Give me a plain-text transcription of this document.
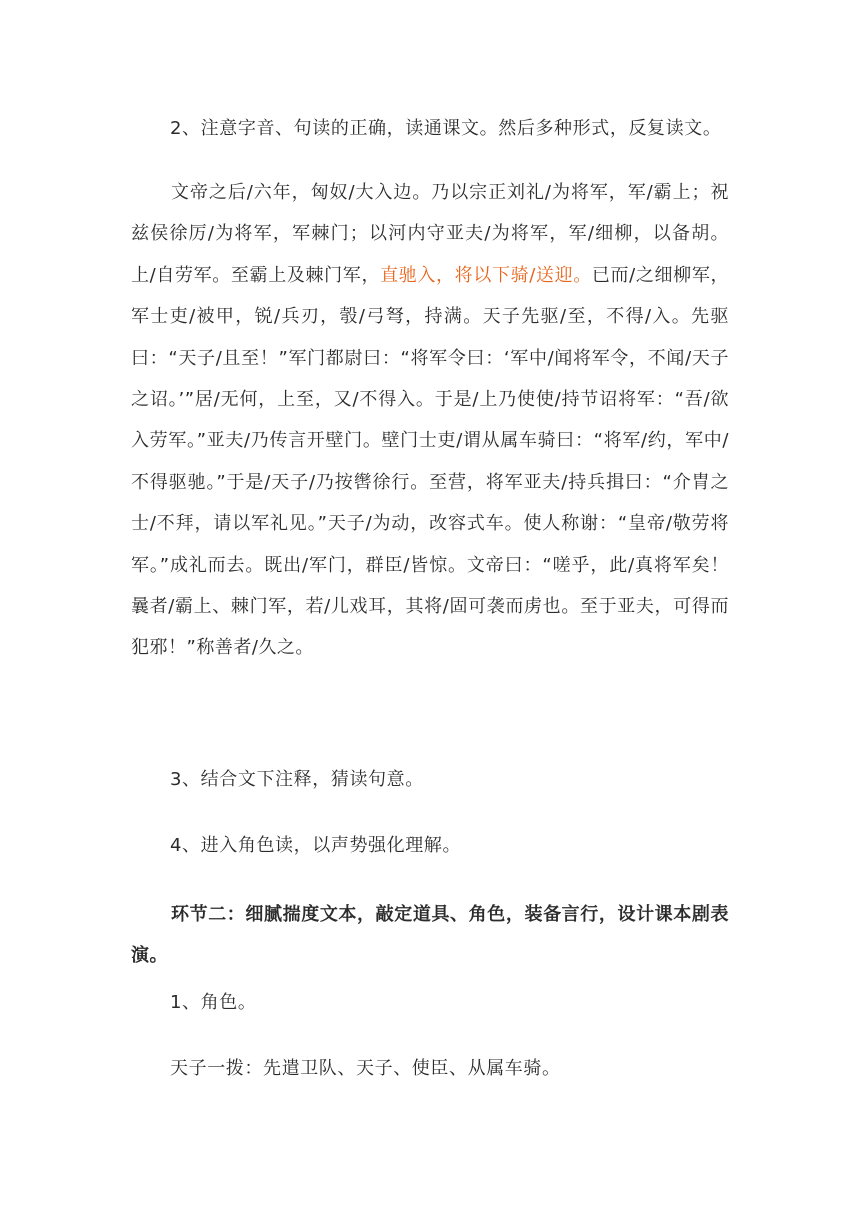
2、注意字音、句读的正确，读通课文。然后多种形式，反复读文。
文帝之后/六年，匈奴/大入边。乃以宗正刘礼/为将军，军/霸上；祝兹侯徐厉/为将军，军棘门；以河内守亚夫/为将军，军/细柳，以备胡。上/自劳军。至霸上及棘门军，直驰入，将以下骑/送迎。已而/之细柳军，军士吏/被甲，锐/兵刃，彀/弓弩，持满。天子先驱/至，不得/入。先驱曰：“天子/且至！”军门都尉曰：“将军令曰：‘军中/闻将军令，不闻/天子之诏。’”居/无何，上至，又/不得入。于是/上乃使使/持节诏将军：“吾/欲入劳军。”亚夫/乃传言开壁门。壁门士吏/谓从属车骑曰：“将军/约，军中/不得驱驰。”于是/天子/乃按辔徐行。至营，将军亚夫/持兵揖曰：“介胄之士/不拜，请以军礼见。”天子/为动，改容式车。使人称谢：“皇帝/敬劳将军。”成礼而去。既出/军门，群臣/皆惊。文帝曰：“嗟乎，此/真将军矣！曩者/霸上、棘门军，若/儿戏耳，其将/固可袭而虏也。至于亚夫，可得而犯邪！”称善者/久之。
3、结合文下注释，猜读句意。
4、进入角色读，以声势强化理解。
环节二：细腻揣度文本，敲定道具、角色，装备言行，设计课本剧表演。
1、角色。
天子一拨：先遣卫队、天子、使臣、从属车骑。
